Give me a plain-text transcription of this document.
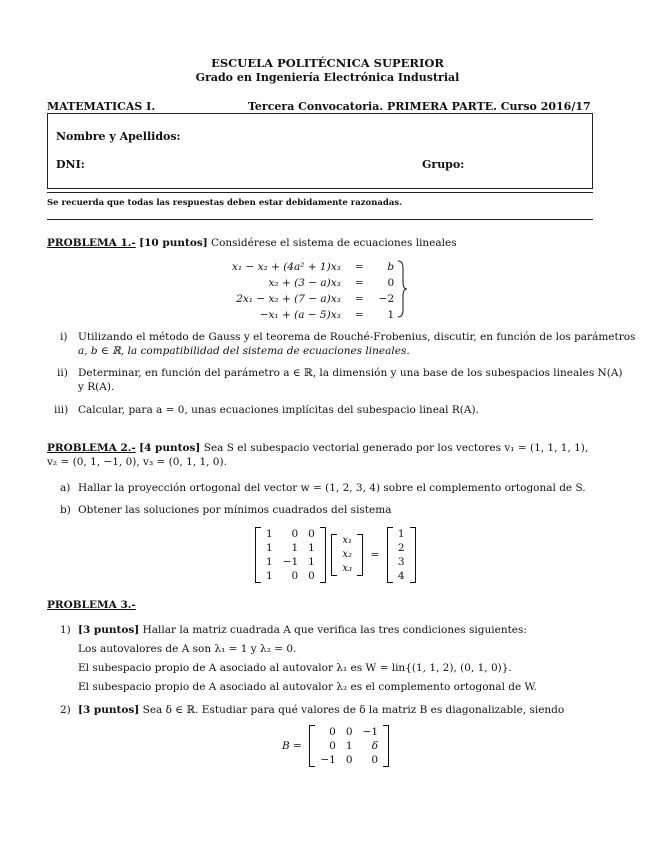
ESCUELA POLITÉCNICA SUPERIOR
Grado en Ingeniería Electrónica Industrial
MATEMATICAS I.	Tercera Convocatoria. PRIMERA PARTE. Curso 2016/17
Nombre y Apellidos:
DNI:	Grupo:
Se recuerda que todas las respuestas deben estar debidamente razonadas.
PROBLEMA 1.- [10 puntos] Considérese el sistema de ecuaciones lineales
x₁ − x₂ + (4a² + 1)x₃	=	b
x₂ + (3 − a)x₃	=	0
2x₁ − x₂ + (7 − a)x₃	=	−2
−x₁ + (a − 5)x₃	=	1
i) Utilizando el método de Gauss y el teorema de Rouché-Frobenius, discutir, en función de los parámetros
a, b ∈ ℝ, la compatibilidad del sistema de ecuaciones lineales.
ii) Determinar, en función del parámetro a ∈ ℝ, la dimensión y una base de los subespacios lineales N(A)
y R(A).
iii) Calcular, para a = 0, unas ecuaciones implícitas del subespacio lineal R(A).
PROBLEMA 2.- [4 puntos] Sea S el subespacio vectorial generado por los vectores v₁ = (1, 1, 1, 1),
v₂ = (0, 1, −1, 0), v₃ = (0, 1, 1, 0).
a) Hallar la proyección ortogonal del vector w = (1, 2, 3, 4) sobre el complemento ortogonal de S.
b) Obtener las soluciones por mínimos cuadrados del sistema
1	0	0
1	1	1
1	−1	1
1	0	0

x₁
x₂
x₃
=
1
2
3
4
PROBLEMA 3.-
1) [3 puntos] Hallar la matriz cuadrada A que verifica las tres condiciones siguientes:
Los autovalores de A son λ₁ = 1 y λ₂ = 0.
El subespacio propio de A asociado al autovalor λ₁ es W = lin{(1, 1, 2), (0, 1, 0)}.
El subespacio propio de A asociado al autovalor λ₂ es el complemento ortogonal de W.
2) [3 puntos] Sea δ ∈ ℝ. Estudiar para qué valores de δ la matriz B es diagonalizable, siendo
B =
0	0	−1
0	1	δ
−1	0	0
